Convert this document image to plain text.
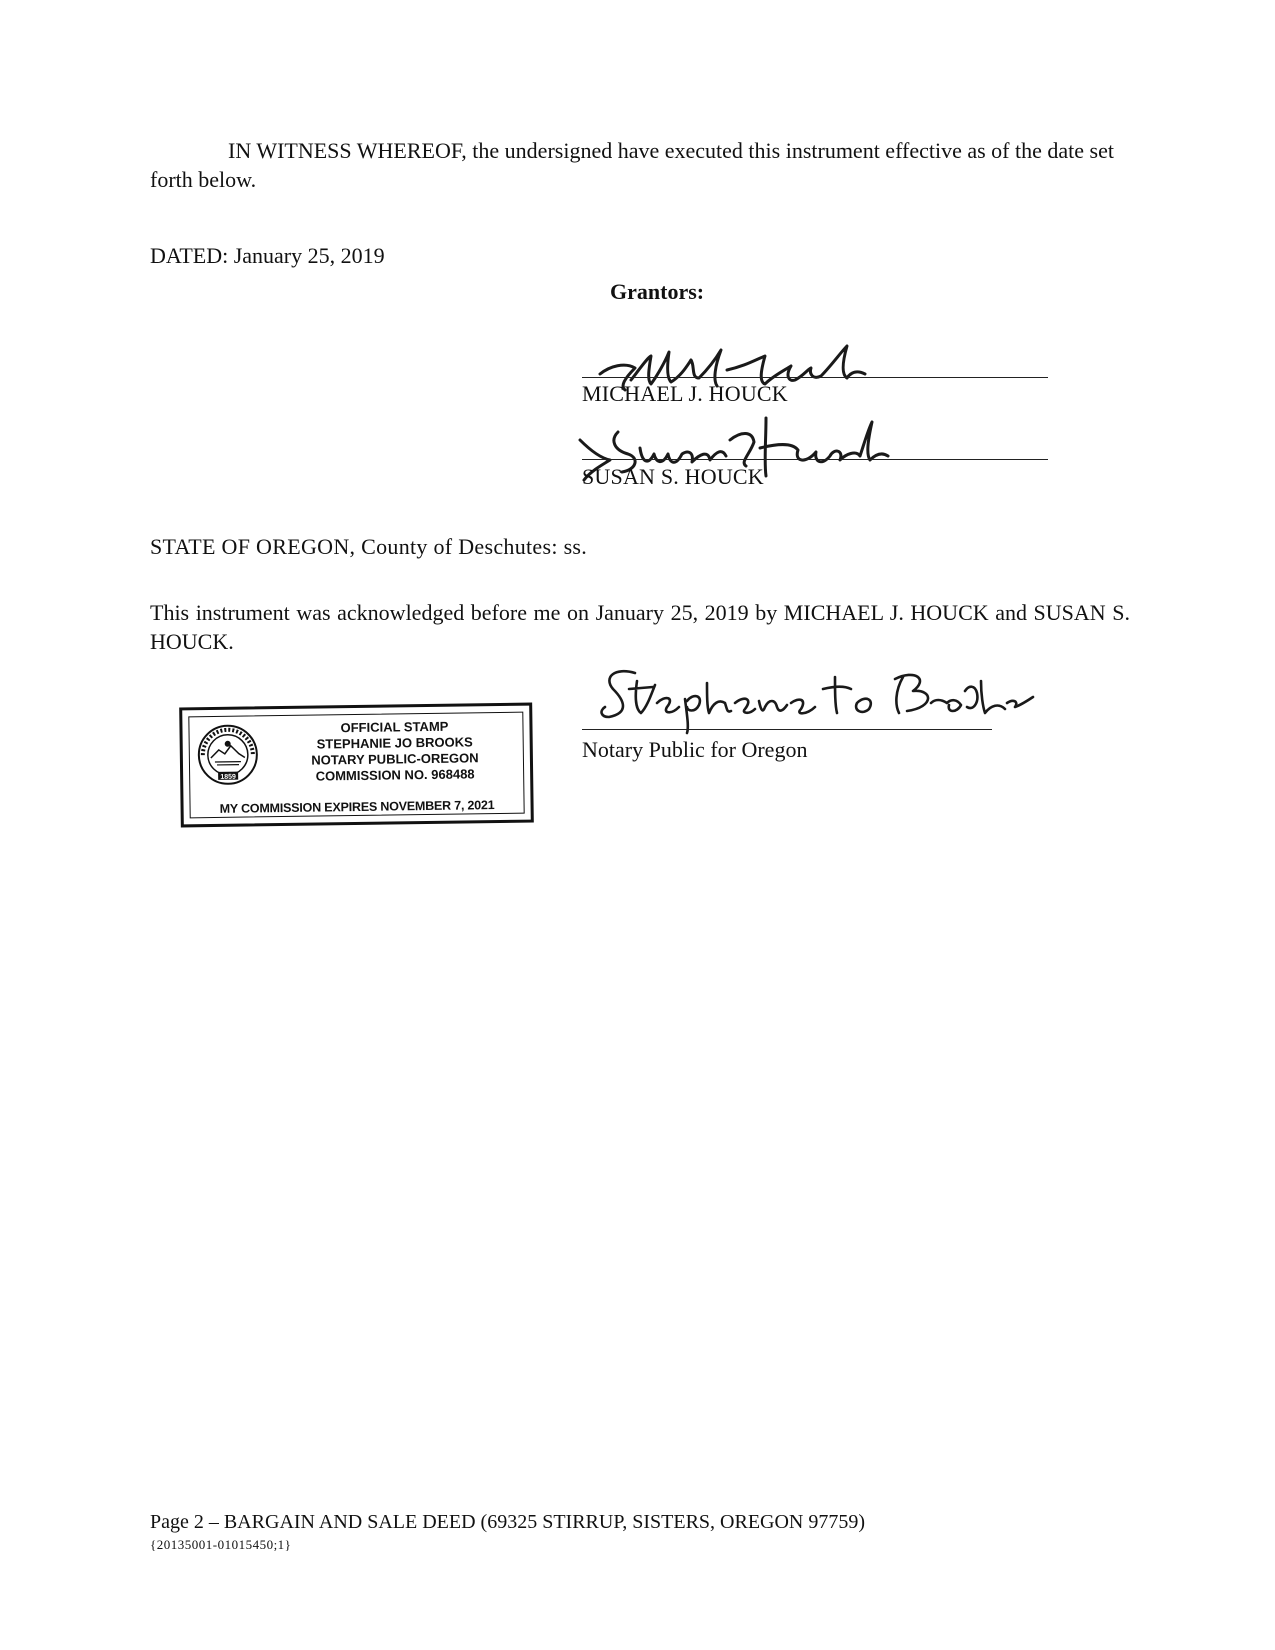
IN WITNESS WHEREOF, the undersigned have executed this instrument effective as of the date set forth below.
DATED: January 25, 2019
Grantors:
MICHAEL J. HOUCK
SUSAN S. HOUCK
STATE OF OREGON, County of Deschutes: ss.
This instrument was acknowledged before me on January 25, 2019 by MICHAEL J. HOUCK and SUSAN S. HOUCK.
1859
OFFICIAL STAMP
STEPHANIE JO BROOKS
NOTARY PUBLIC-OREGON
COMMISSION NO. 968488
MY COMMISSION EXPIRES NOVEMBER 7, 2021
Notary Public for Oregon
Page 2 – BARGAIN AND SALE DEED (69325 STIRRUP, SISTERS, OREGON 97759)
{20135001-01015450;1}
